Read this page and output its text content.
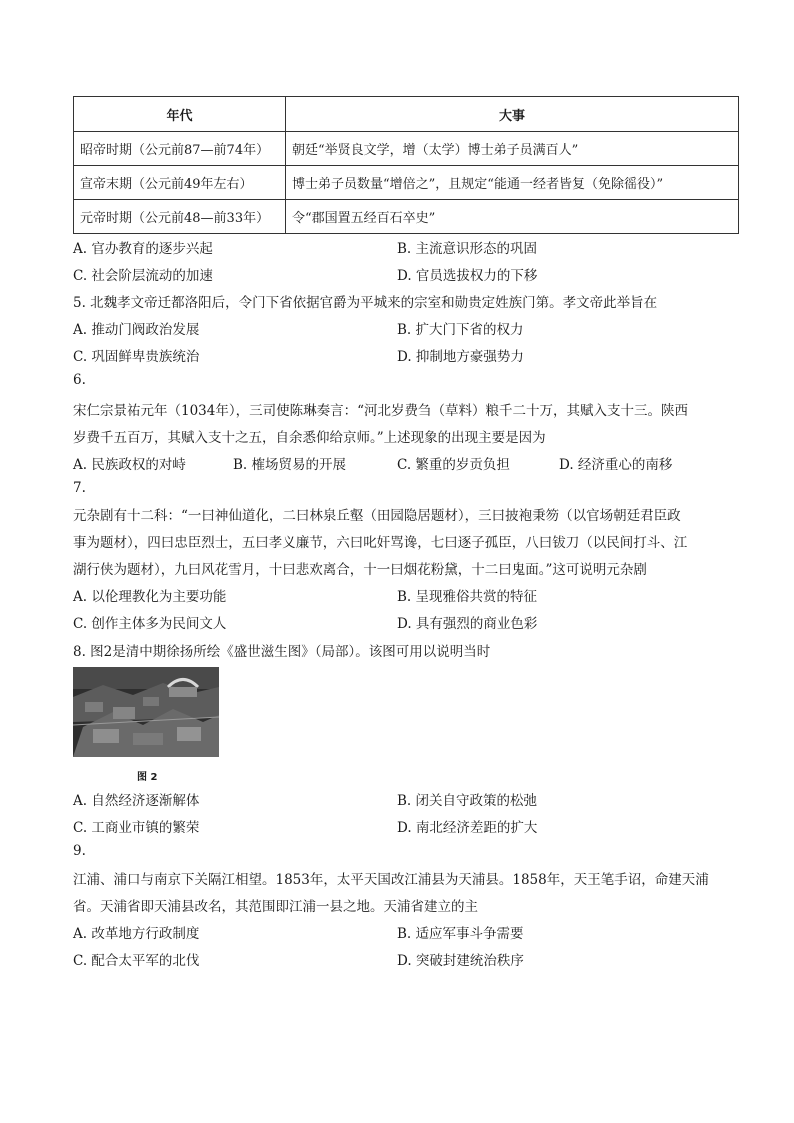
年代	大事
昭帝时期（公元前87—前74年）	朝廷“举贤良文学，增（太学）博士弟子员满百人”
宣帝末期（公元前49年左右）	博士弟子员数量“增倍之”，且规定“能通一经者皆复（免除徭役）”
元帝时期（公元前48—前33年）	令“郡国置五经百石卒史”
A. 官办教育的逐步兴起	B. 主流意识形态的巩固
C. 社会阶层流动的加速	D. 官员选拔权力的下移
5. 北魏孝文帝迁都洛阳后，令门下省依据官爵为平城来的宗室和勋贵定姓族门第。孝文帝此举旨在
A. 推动门阀政治发展	B. 扩大门下省的权力
C. 巩固鲜卑贵族统治	D. 抑制地方豪强势力
6.
宋仁宗景祐元年（1034年），三司使陈琳奏言：“河北岁费刍（草料）粮千二十万，其赋入支十三。陕西
岁费千五百万，其赋入支十之五，自余悉仰给京师。”上述现象的出现主要是因为
A. 民族政权的对峙	B. 榷场贸易的开展	C. 繁重的岁贡负担	D. 经济重心的南移
7.
元杂剧有十二科：“一曰神仙道化，二曰林泉丘壑（田园隐居题材），三曰披袍秉笏（以官场朝廷君臣政
事为题材），四曰忠臣烈士，五曰孝义廉节，六曰叱奸骂谗，七曰逐子孤臣，八曰钹刀（以民间打斗、江
湖行侠为题材），九曰风花雪月，十曰悲欢离合，十一曰烟花粉黛，十二曰鬼面。”这可说明元杂剧
A. 以伦理教化为主要功能	B. 呈现雅俗共赏的特征
C. 创作主体多为民间文人	D. 具有强烈的商业色彩
8. 图2是清中期徐扬所绘《盛世滋生图》（局部）。该图可用以说明当时
图 2
A. 自然经济逐渐解体	B. 闭关自守政策的松弛
C. 工商业市镇的繁荣	D. 南北经济差距的扩大
9.
江浦、浦口与南京下关隔江相望。1853年，太平天国改江浦县为天浦县。1858年，天王笔手诏，命建天浦
省。天浦省即天浦县改名，其范围即江浦一县之地。天浦省建立的主
A. 改革地方行政制度	B. 适应军事斗争需要
C. 配合太平军的北伐	D. 突破封建统治秩序
